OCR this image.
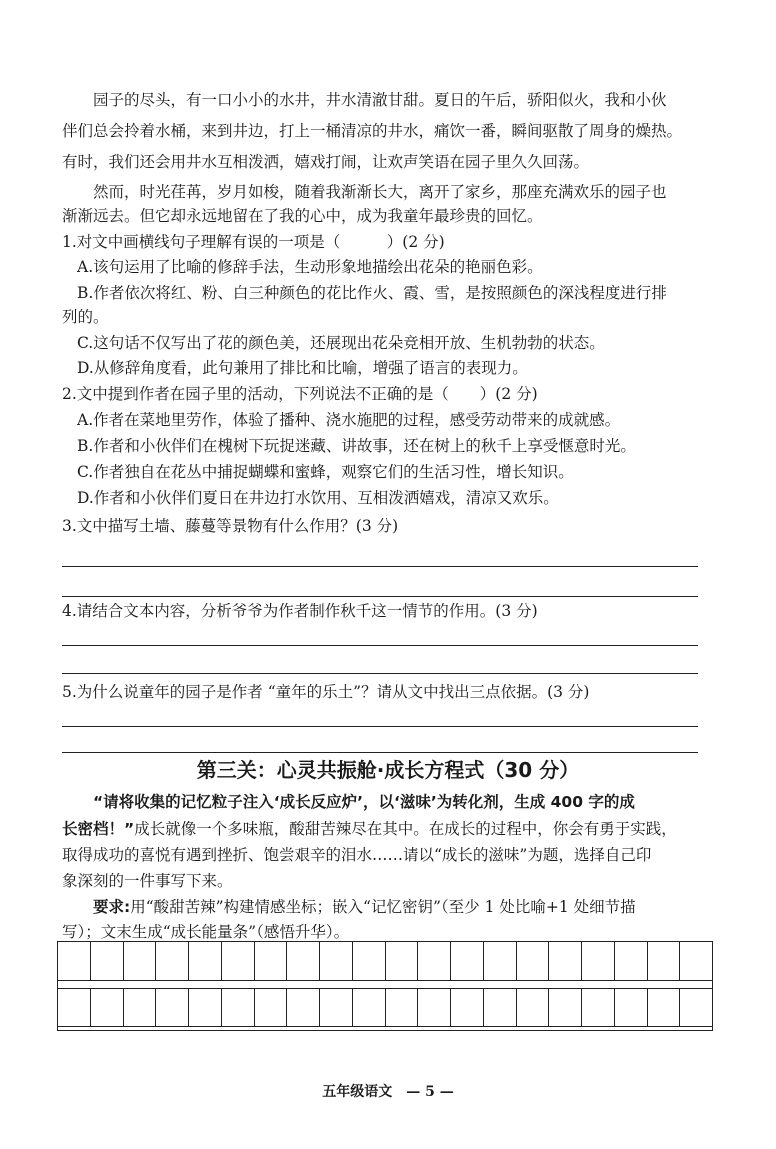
园子的尽头，有一口小小的水井，井水清澈甘甜。夏日的午后，骄阳似火，我和小伙
伴们总会拎着水桶，来到井边，打上一桶清凉的井水，痛饮一番，瞬间驱散了周身的燥热。
有时，我们还会用井水互相泼洒，嬉戏打闹，让欢声笑语在园子里久久回荡。
然而，时光荏苒，岁月如梭，随着我渐渐长大，离开了家乡，那座充满欢乐的园子也
渐渐远去。但它却永远地留在了我的心中，成为我童年最珍贵的回忆。
1.对文中画横线句子理解有误的一项是（　　　）(2 分)
A.该句运用了比喻的修辞手法，生动形象地描绘出花朵的艳丽色彩。
B.作者依次将红、粉、白三种颜色的花比作火、霞、雪，是按照颜色的深浅程度进行排
列的。
C.这句话不仅写出了花的颜色美，还展现出花朵竞相开放、生机勃勃的状态。
D.从修辞角度看，此句兼用了排比和比喻，增强了语言的表现力。
2.文中提到作者在园子里的活动，下列说法不正确的是（　　）(2 分)
A.作者在菜地里劳作，体验了播种、浇水施肥的过程，感受劳动带来的成就感。
B.作者和小伙伴们在槐树下玩捉迷藏、讲故事，还在树上的秋千上享受惬意时光。
C.作者独自在花丛中捕捉蝴蝶和蜜蜂，观察它们的生活习性，增长知识。
D.作者和小伙伴们夏日在井边打水饮用、互相泼洒嬉戏，清凉又欢乐。
3.文中描写土墙、藤蔓等景物有什么作用？(3 分)
4.请结合文本内容，分析爷爷为作者制作秋千这一情节的作用。(3 分)
5.为什么说童年的园子是作者 “童年的乐土”？请从文中找出三点依据。(3 分)
第三关：心灵共振舱·成长方程式（30 分）
“请将收集的记忆粒子注入‘成长反应炉’，以‘滋味’为转化剂，生成 400 字的成
长密档！”成长就像一个多味瓶，酸甜苦辣尽在其中。在成长的过程中，你会有勇于实践，
取得成功的喜悦有遇到挫折、饱尝艰辛的泪水……请以“成长的滋味”为题，选择自己印
象深刻的一件事写下来。
要求:用“酸甜苦辣”构建情感坐标；嵌入“记忆密钥”（至少 1 处比喻+1 处细节描
写）；文末生成“成长能量条”（感悟升华）。
五年级语文　— 5 —
